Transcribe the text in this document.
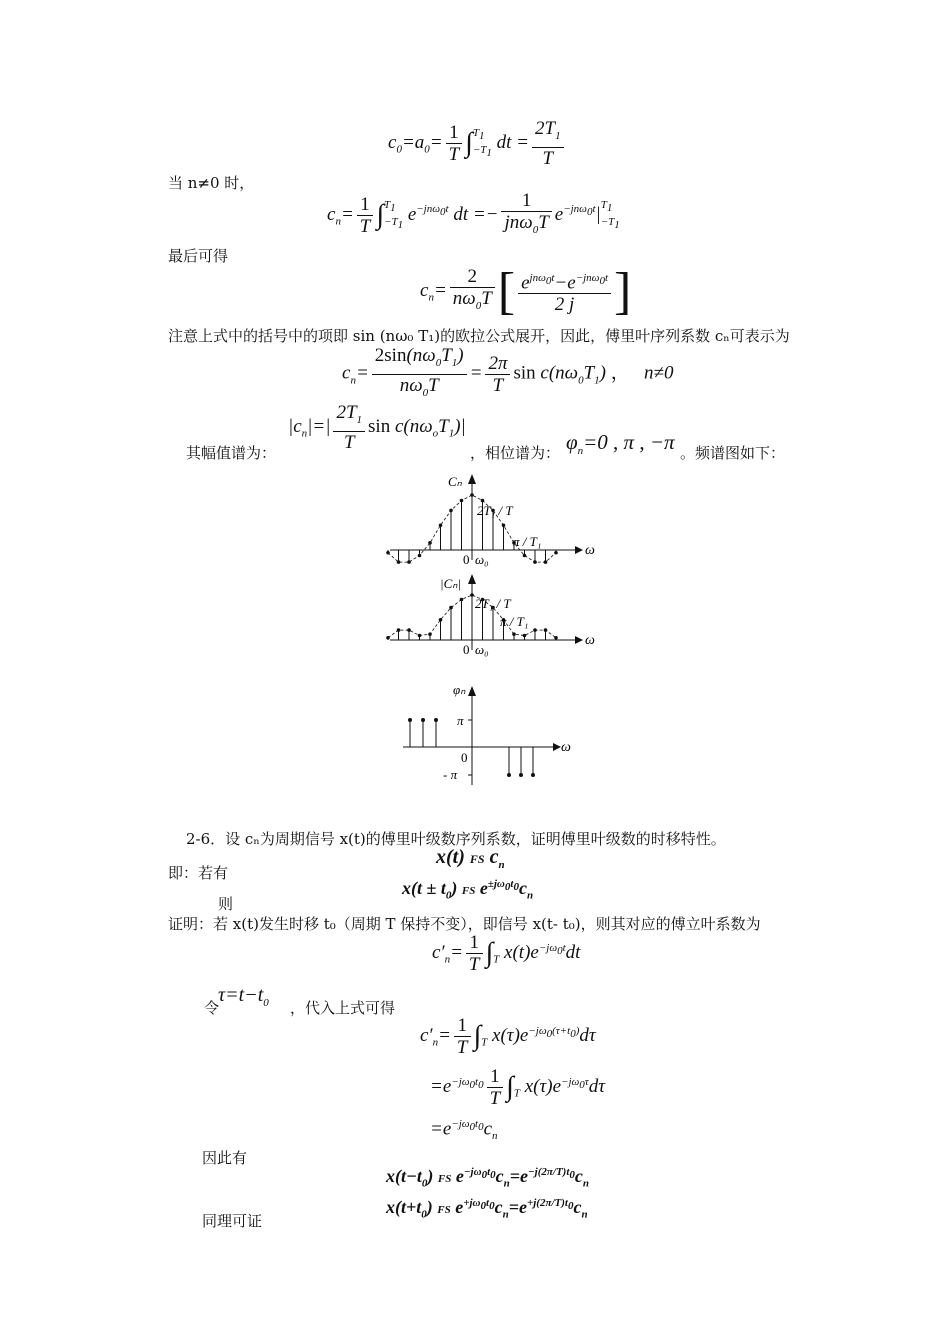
$c_0=a_0= \frac{1}{T} \int T_1$
$-T_1$ dt = $\frac{2T_1}{T}$
当 n≠0 时，
$c_n= \frac{1}{T} \int T_1$
$-T_1$ $e^{-jn\omega_0t}$ dt =− $\frac{1}{jn\omega_0T} e^{-jn\omega_0t}|T_1$
$-T_1$
最后可得
$c_n= \frac{2}{n\omega_0T}$ [ $\frac{e^{jn\omega_0t}-e^{-jn\omega_0t}}{2 j}$ ]
注意上式中的括号中的项即 sin (nω₀ T₁)的欧拉公式展开，因此，傅里叶序列系数 cₙ可表示为
$c_n= \frac{2\sin(n\omega_0T_1)}{n\omega_0T} = \frac{2\pi}{T}$ $\sin c(n\omega_0T_1)$ ，   n≠0
其幅值谱为：
$|c_n|=| \frac{2T_1}{T}$ $\sin c(n\omega_oT_1)|$
，相位谱为： $\varphi_n=0$ , π , −π 。频谱图如下：
Cₙ
2T₁ / T
π / T₁
0 ω₀
ω
|Cₙ|
2T₁ / T
π / T₁
0 ω₀
ω
φₙ
π
0
- π
ω
2-6．设 cₙ为周期信号 x(t)的傅里叶级数序列系数，证明傅里叶级数的时移特性。
即：若有
x(t) FS $c_n$
则
$x(t \pm t_0)$ FS $e^{\pm j\omega_0t_0}c_n$
证明：若 x(t)发生时移 t₀（周期 T 保持不变），即信号 x(t- t₀)，则其对应的傅立叶系数为
$c'_n= \frac{1}{T} \int_T$ $x(t)e^{-j\omega_0t}dt$
令
$\tau=t-t_0$ ，代入上式可得
$c'_n= \frac{1}{T} \int_T$ $x(\tau)e^{-j\omega_0(\tau+t_0)}d\tau$
$=e^{-j\omega_0t_0} \frac{1}{T} \int_T$ $x(\tau)e^{-j\omega_0\tau}d\tau$
$=e^{-j\omega_0t_0}c_n$
因此有
$x(t-t_0)$ FS $e^{-j\omega_0t_0}c_n=e^{-j(2\pi/T)t_0}c_n$
同理可证
$x(t+t_0)$ FS $e^{+j\omega_0t_0}c_n=e^{+j(2\pi/T)t_0}c_n$
